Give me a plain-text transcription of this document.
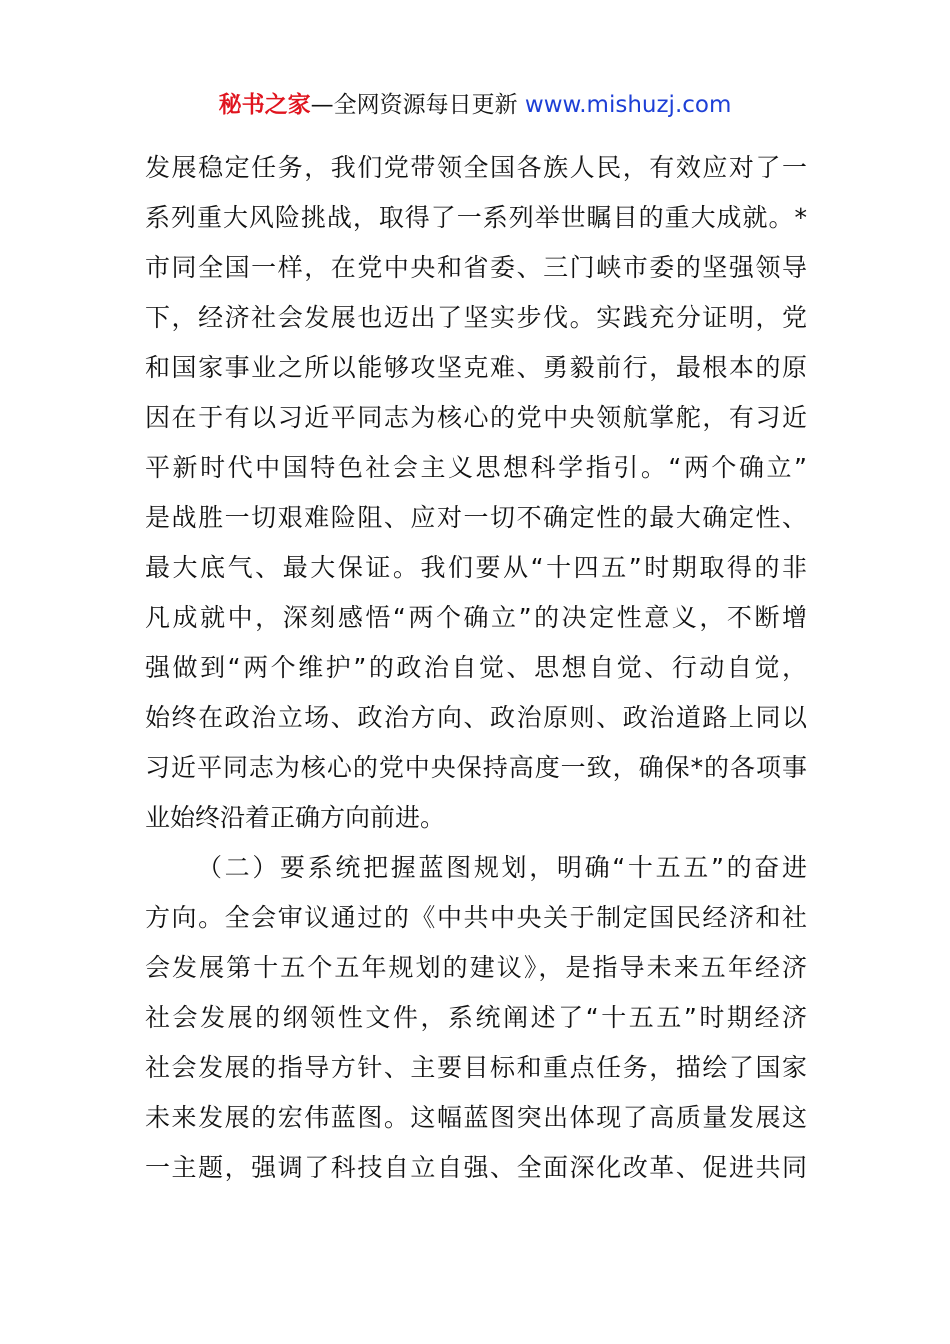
秘书之家—全网资源每日更新 www.mishuzj.com
发展稳定任务，我们党带领全国各族人民，有效应对了一
系列重大风险挑战，取得了一系列举世瞩目的重大成就。*
市同全国一样，在党中央和省委、三门峡市委的坚强领导
下，经济社会发展也迈出了坚实步伐。实践充分证明，党
和国家事业之所以能够攻坚克难、勇毅前行，最根本的原
因在于有以习近平同志为核心的党中央领航掌舵，有习近
平新时代中国特色社会主义思想科学指引。“两个确立”
是战胜一切艰难险阻、应对一切不确定性的最大确定性、
最大底气、最大保证。我们要从“十四五”时期取得的非
凡成就中，深刻感悟“两个确立”的决定性意义，不断增
强做到“两个维护”的政治自觉、思想自觉、行动自觉，
始终在政治立场、政治方向、政治原则、政治道路上同以
习近平同志为核心的党中央保持高度一致，确保*的各项事
业始终沿着正确方向前进。
（二）要系统把握蓝图规划，明确“十五五”的奋进
方向。全会审议通过的《中共中央关于制定国民经济和社
会发展第十五个五年规划的建议》，是指导未来五年经济
社会发展的纲领性文件，系统阐述了“十五五”时期经济
社会发展的指导方针、主要目标和重点任务，描绘了国家
未来发展的宏伟蓝图。这幅蓝图突出体现了高质量发展这
一主题，强调了科技自立自强、全面深化改革、促进共同
